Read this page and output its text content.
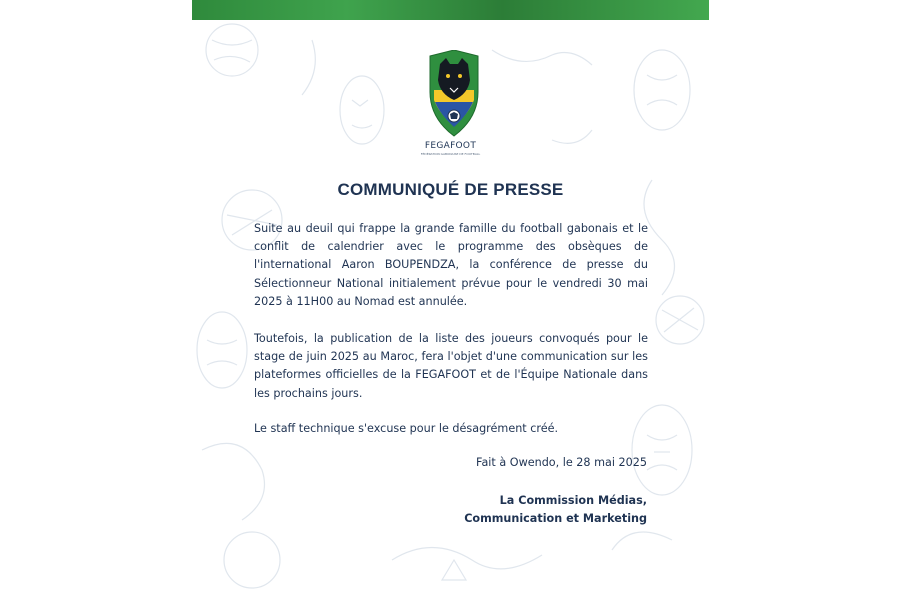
FEGAFOOT
FÉDÉRATION GABONAISE DE FOOTBALL
COMMUNIQUÉ DE PRESSE

Suite au deuil qui frappe la grande famille du football gabonais et le conflit de calendrier avec le programme des obsèques de l'international Aaron BOUPENDZA, la conférence de presse du Sélectionneur National initialement prévue pour le vendredi 30 mai 2025 à 11H00 au Nomad est annulée.

Toutefois, la publication de la liste des joueurs convoqués pour le stage de juin 2025 au Maroc, fera l'objet d'une communication sur les plateformes officielles de la FEGAFOOT et de l'Équipe Nationale dans les prochains jours.

Le staff technique s'excuse pour le désagrément créé.

Fait à Owendo, le 28 mai 2025
La Commission Médias,
Communication et Marketing
